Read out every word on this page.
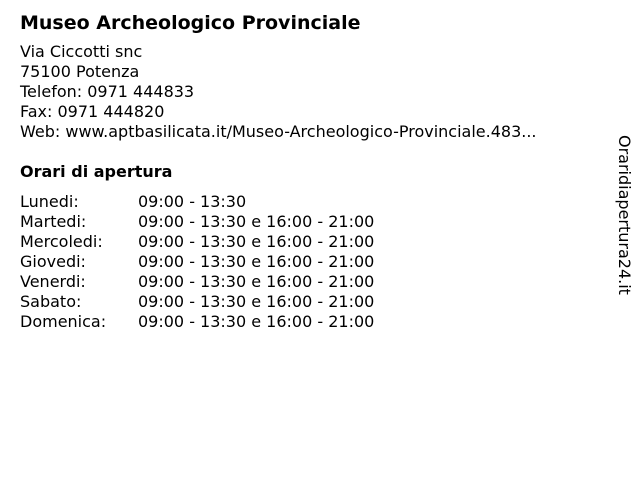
Museo Archeologico Provinciale
Via Ciccotti snc
75100 Potenza
Telefon: 0971 444833
Fax: 0971 444820
Web: www.aptbasilicata.it/Museo-Archeologico-Provinciale.483...
Orari di apertura
Lunedi:	09:00 - 13:30
Martedi:	09:00 - 13:30 e 16:00 - 21:00
Mercoledi:	09:00 - 13:30 e 16:00 - 21:00
Giovedi:	09:00 - 13:30 e 16:00 - 21:00
Venerdi:	09:00 - 13:30 e 16:00 - 21:00
Sabato:	09:00 - 13:30 e 16:00 - 21:00
Domenica:	09:00 - 13:30 e 16:00 - 21:00
Oraridiapertura24.it
